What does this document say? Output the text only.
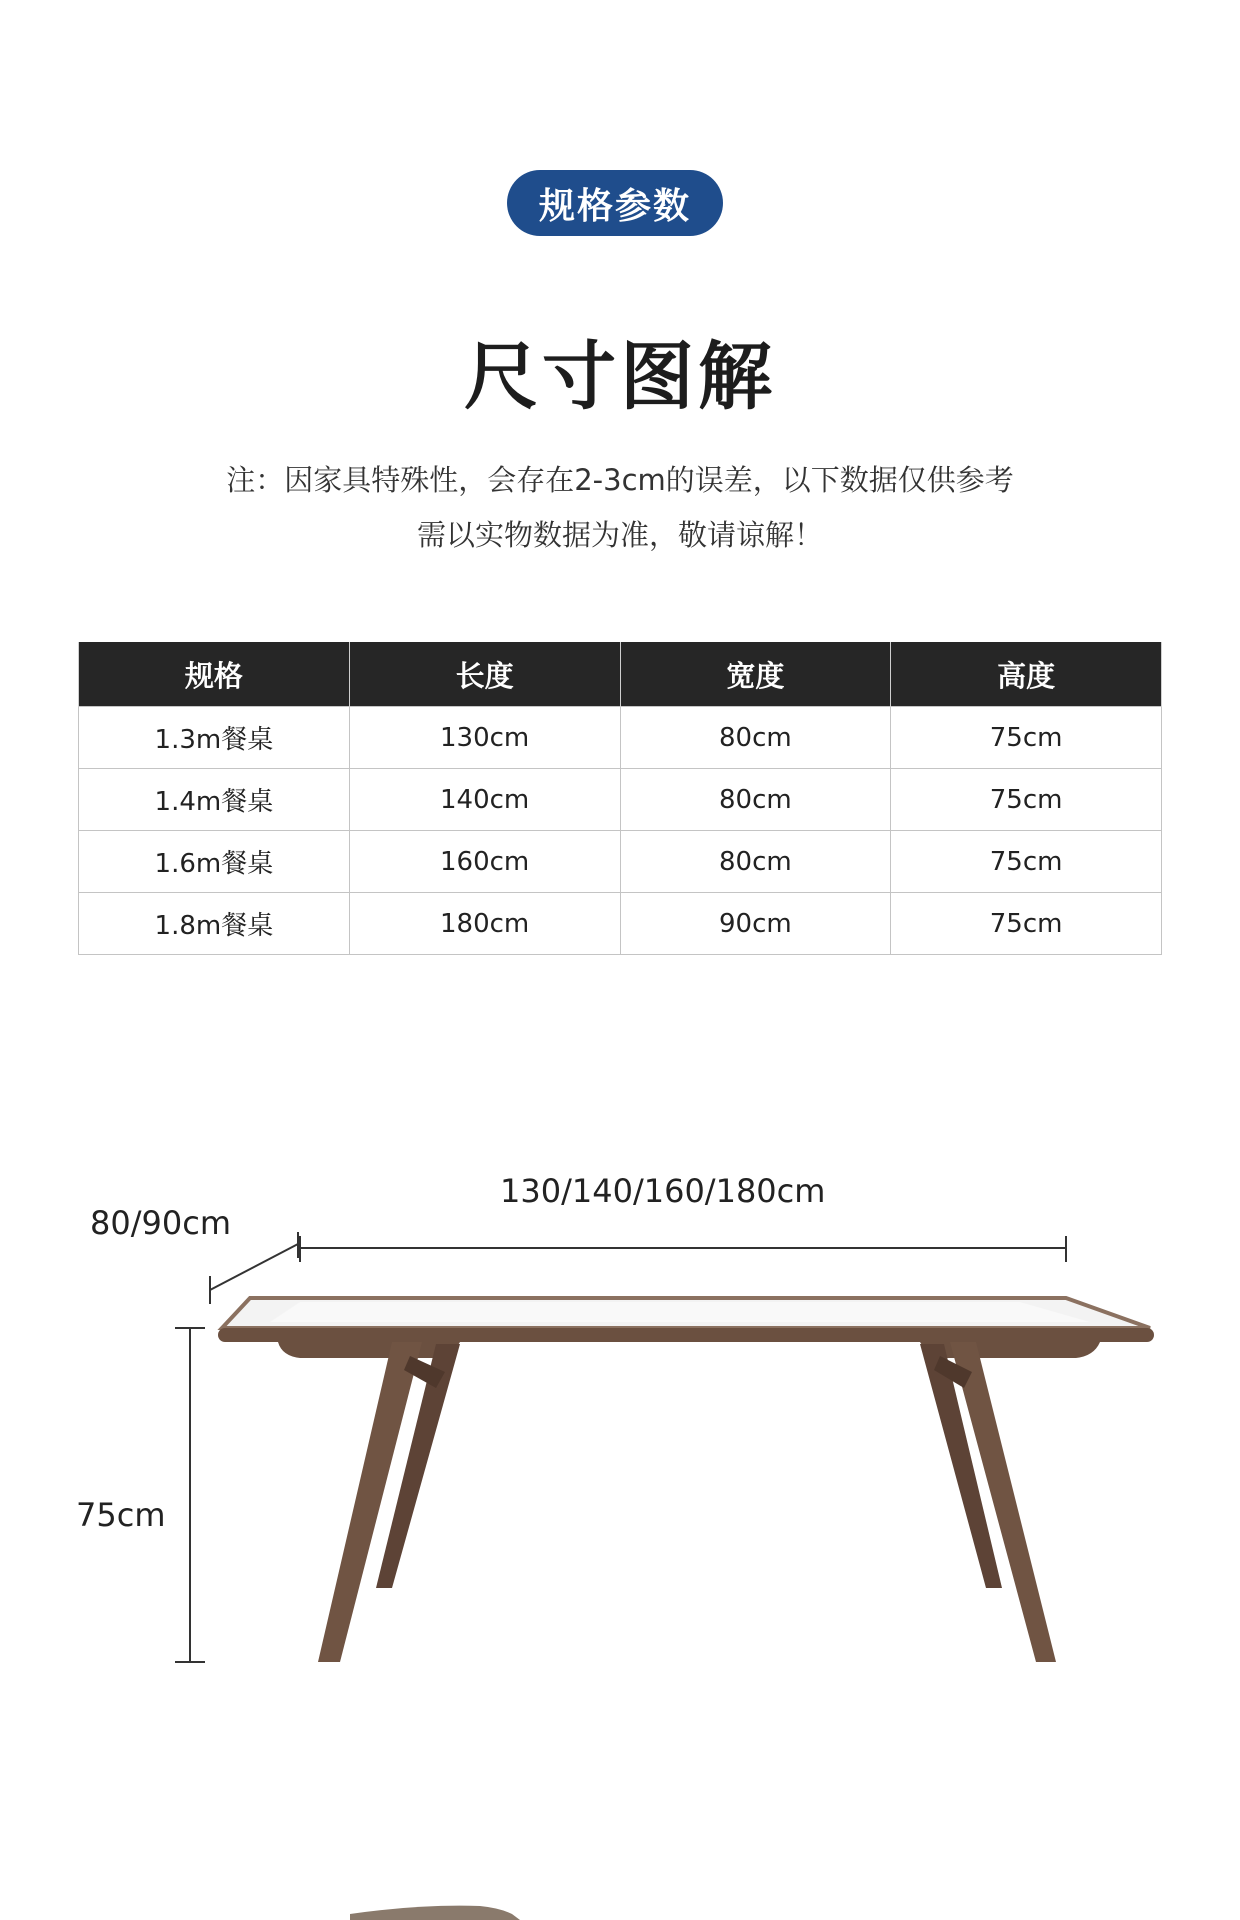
规格参数
尺寸图解
注：因家具特殊性，会存在2-3cm的误差，以下数据仅供参考
需以实物数据为准，敬请谅解！
规格	长度	宽度	高度
1.3m餐桌	130cm	80cm	75cm
1.4m餐桌	140cm	80cm	75cm
1.6m餐桌	160cm	80cm	75cm
1.8m餐桌	180cm	90cm	75cm
130/140/160/180cm
80/90cm
75cm
